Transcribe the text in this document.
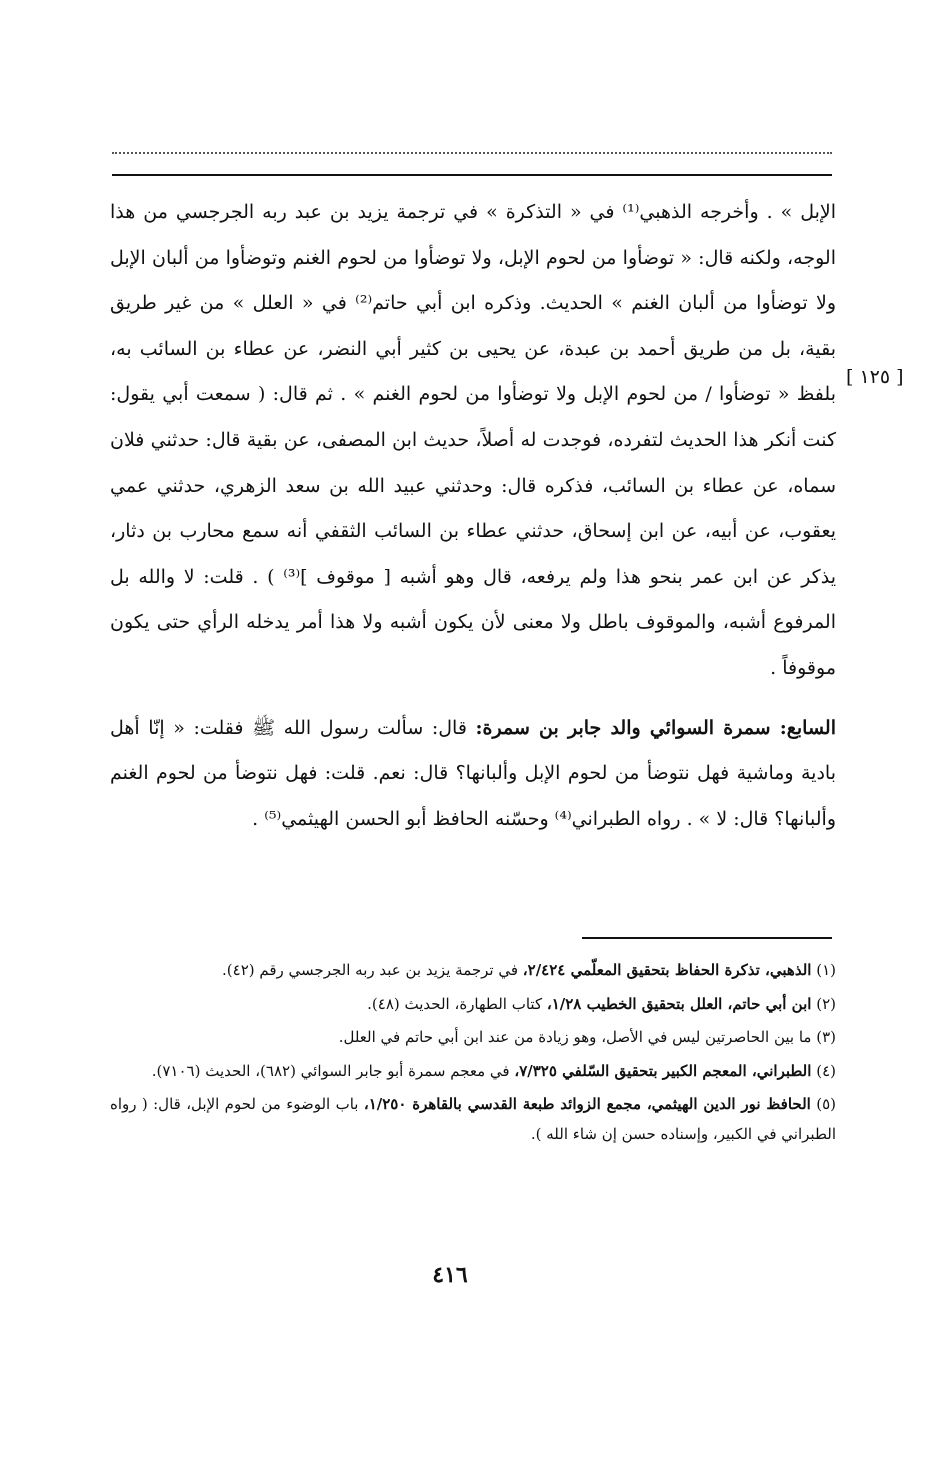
[ ١٢٥ ]

الإبل » . وأخرجه الذهبي⁽¹⁾ في « التذكرة » في ترجمة يزيد بن عبد ربه الجرجسي من هذا الوجه، ولكنه قال: « توضأوا من لحوم الإبل، ولا توضأوا من لحوم الغنم وتوضأوا من ألبان الإبل ولا توضأوا من ألبان الغنم » الحديث. وذكره ابن أبي حاتم⁽²⁾ في « العلل » من غير طريق بقية، بل من طريق أحمد بن عبدة، عن يحيى بن كثير أبي النضر، عن عطاء بن السائب به، بلفظ « توضأوا / من لحوم الإبل ولا توضأوا من لحوم الغنم » . ثم قال: ( سمعت أبي يقول: كنت أنكر هذا الحديث لتفرده، فوجدت له أصلاً، حديث ابن المصفى، عن بقية قال: حدثني فلان سماه، عن عطاء بن السائب، فذكره قال: وحدثني عبيد الله بن سعد الزهري، حدثني عمي يعقوب، عن أبيه، عن ابن إسحاق، حدثني عطاء بن السائب الثقفي أنه سمع محارب بن دثار، يذكر عن ابن عمر بنحو هذا ولم يرفعه، قال وهو أشبه [ موقوف ]⁽³⁾ ) . قلت: لا والله بل المرفوع أشبه، والموقوف باطل ولا معنى لأن يكون أشبه ولا هذا أمر يدخله الرأي حتى يكون موقوفاً .

السابع: سمرة السوائي والد جابر بن سمرة: قال: سألت رسول الله ﷺ فقلت: « إنّا أهل بادية وماشية فهل نتوضأ من لحوم الإبل وألبانها؟ قال: نعم. قلت: فهل نتوضأ من لحوم الغنم وألبانها؟ قال: لا » . رواه الطبراني⁽⁴⁾ وحسّنه الحافظ أبو الحسن الهيثمي⁽⁵⁾ .

(١) الذهبي، تذكرة الحفاظ بتحقيق المعلّمي ٢/٤٢٤، في ترجمة يزيد بن عبد ربه الجرجسي رقم (٤٢).

(٢) ابن أبي حاتم، العلل بتحقيق الخطيب ١/٢٨، كتاب الطهارة، الحديث (٤٨).

(٣) ما بين الحاصرتين ليس في الأصل، وهو زيادة من عند ابن أبي حاتم في العلل.

(٤) الطبراني، المعجم الكبير بتحقيق السّلفي ٧/٣٢٥، في معجم سمرة أبو جابر السوائي (٦٨٢)، الحديث (٧١٠٦).

(٥) الحافظ نور الدين الهيثمي، مجمع الزوائد طبعة القدسي بالقاهرة ١/٢٥٠، باب الوضوء من لحوم الإبل، قال: ( رواه الطبراني في الكبير، وإسناده حسن إن شاء الله ).

٤١٦
